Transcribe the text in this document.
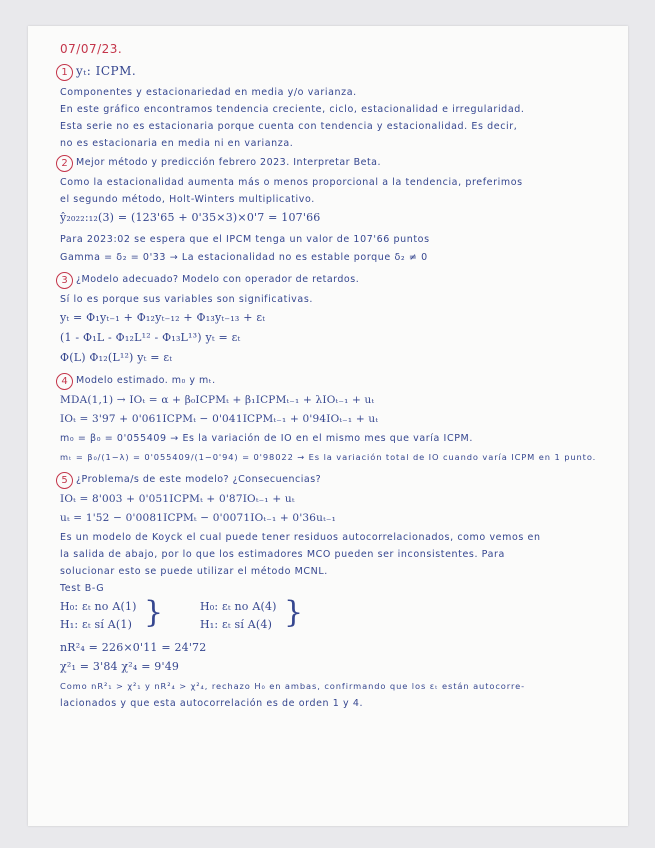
07/07/23.
1 yₜ: ICPM.
Componentes y estacionariedad en media y/o varianza.
En este gráfico encontramos tendencia creciente, ciclo, estacionalidad e irregularidad.
Esta serie no es estacionaria porque cuenta con tendencia y estacionalidad. Es decir,
no es estacionaria en media ni en varianza.
2 Mejor método y predicción febrero 2023. Interpretar Beta.
Como la estacionalidad aumenta más o menos proporcional a la tendencia, preferimos
el segundo método, Holt-Winters multiplicativo.
ŷ₂₀₂₂:₁₂(3) = (123'65 + 0'35×3)×0'7 = 107'66
Para 2023:02 se espera que el IPCM tenga un valor de 107'66 puntos
Gamma = δ₂ = 0'33 → La estacionalidad no es estable porque δ₂ ≠ 0
3 ¿Modelo adecuado? Modelo con operador de retardos.
Sí lo es porque sus variables son significativas.
yₜ = Φ₁yₜ₋₁ + Φ₁₂yₜ₋₁₂ + Φ₁₃yₜ₋₁₃ + εₜ
(1 - Φ₁L - Φ₁₂L¹² - Φ₁₃L¹³) yₜ = εₜ
Φ(L) Φ₁₂(L¹²) yₜ = εₜ
4 Modelo estimado. m₀ y mₜ.
MDA(1,1) → IOₜ = α + β₀ICPMₜ + β₁ICPMₜ₋₁ + λIOₜ₋₁ + uₜ
IOₜ = 3'97 + 0'061ICPMₜ − 0'041ICPMₜ₋₁ + 0'94IOₜ₋₁ + uₜ
m₀ = β₀ = 0'055409 → Es la variación de IO en el mismo mes que varía ICPM.
mₜ = β₀/(1−λ) = 0'055409/(1−0'94) = 0'98022 → Es la variación total de IO cuando varía ICPM en 1 punto.
5 ¿Problema/s de este modelo? ¿Consecuencias?
IOₜ = 8'003 + 0'051ICPMₜ + 0'87IOₜ₋₁ + uₜ
uₜ = 1'52 − 0'0081ICPMₜ − 0'0071IOₜ₋₁ + 0'36uₜ₋₁
Es un modelo de Koyck el cual puede tener residuos autocorrelacionados, como vemos en
la salida de abajo, por lo que los estimadores MCO pueden ser inconsistentes. Para
solucionar esto se puede utilizar el método MCNL.
Test B-G
H₀: εₜ no A(1)
H₁: εₜ sí A(1) }	H₀: εₜ no A(4)
H₁: εₜ sí A(4) }
nR²₄ = 226×0'11 = 24'72
χ²₁ = 3'84 χ²₄ = 9'49
Como nR²₁ > χ²₁ y nR²₄ > χ²₄, rechazo H₀ en ambas, confirmando que los εₜ están autocorre-
lacionados y que esta autocorrelación es de orden 1 y 4.
